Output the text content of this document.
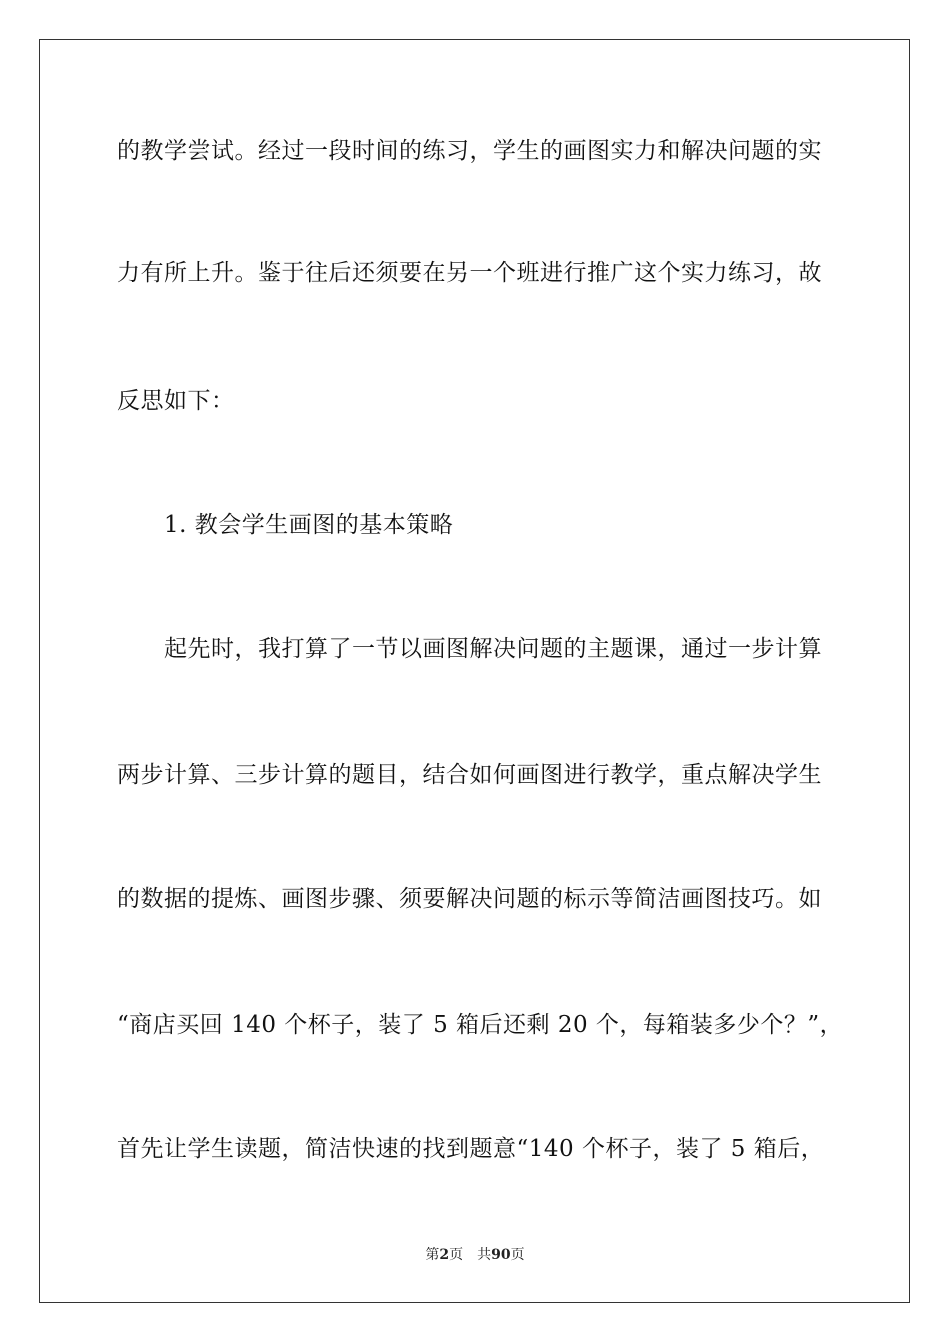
的教学尝试。经过一段时间的练习，学生的画图实力和解决问题的实
力有所上升。鉴于往后还须要在另一个班进行推广这个实力练习，故
反思如下：
1. 教会学生画图的基本策略
起先时，我打算了一节以画图解决问题的主题课，通过一步计算
两步计算、三步计算的题目，结合如何画图进行教学，重点解决学生
的数据的提炼、画图步骤、须要解决问题的标示等简洁画图技巧。如
“商店买回 140 个杯子，装了 5 箱后还剩 20 个，每箱装多少个？”，
首先让学生读题，简洁快速的找到题意“140 个杯子，装了 5 箱后，
第2页 共90页
